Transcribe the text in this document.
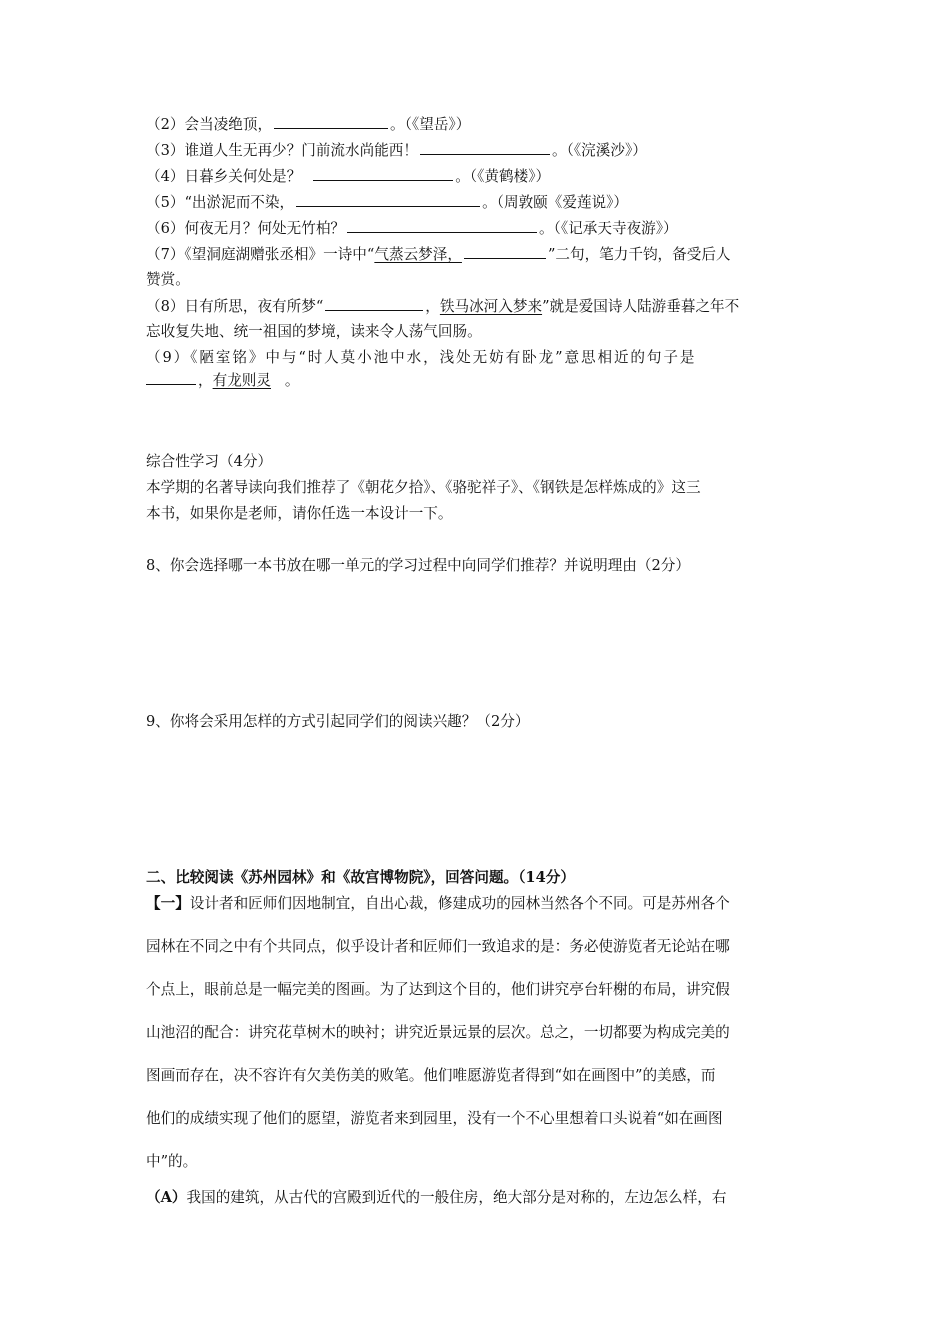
（2）会当凌绝顶，	。（《望岳》）
（3）谁道人生无再少？门前流水尚能西！	。（《浣溪沙》）
（4）日暮乡关何处是？	。（《黄鹤楼》）
（5）“出淤泥而不染，	。（周敦颐《爱莲说》）
（6）何夜无月？何处无竹柏？	。（《记承天寺夜游》）
（7）《望洞庭湖赠张丞相》一诗中“气蒸云梦泽，	”二句，笔力千钧，备受后人
赞赏。
（8）日有所思，夜有所梦“	，铁马冰河入梦来”就是爱国诗人陆游垂暮之年不
忘收复失地、统一祖国的梦境，读来令人荡气回肠。
（9）《陋室铭》中与“时人莫小池中水，浅处无妨有卧龙”意思相近的句子是
，有龙则灵 。
综合性学习（4分）
本学期的名著导读向我们推荐了《朝花夕拾》、《骆驼祥子》、《钢铁是怎样炼成的》这三
本书，如果你是老师，请你任选一本设计一下。
8、你会选择哪一本书放在哪一单元的学习过程中向同学们推荐？并说明理由（2分）
9、你将会采用怎样的方式引起同学们的阅读兴趣？（2分）
二、比较阅读《苏州园林》和《故宫博物院》，回答问题。（14分）
【一】设计者和匠师们因地制宜，自出心裁，修建成功的园林当然各个不同。可是苏州各个
园林在不同之中有个共同点，似乎设计者和匠师们一致追求的是：务必使游览者无论站在哪
个点上，眼前总是一幅完美的图画。为了达到这个目的，他们讲究亭台轩榭的布局，讲究假
山池沼的配合：讲究花草树木的映衬；讲究近景远景的层次。总之，一切都要为构成完美的
图画而存在，决不容许有欠美伤美的败笔。他们唯愿游览者得到“如在画图中”的美感，而
他们的成绩实现了他们的愿望，游览者来到园里，没有一个不心里想着口头说着“如在画图
中”的。
（A）我国的建筑，从古代的宫殿到近代的一般住房，绝大部分是对称的，左边怎么样，右
